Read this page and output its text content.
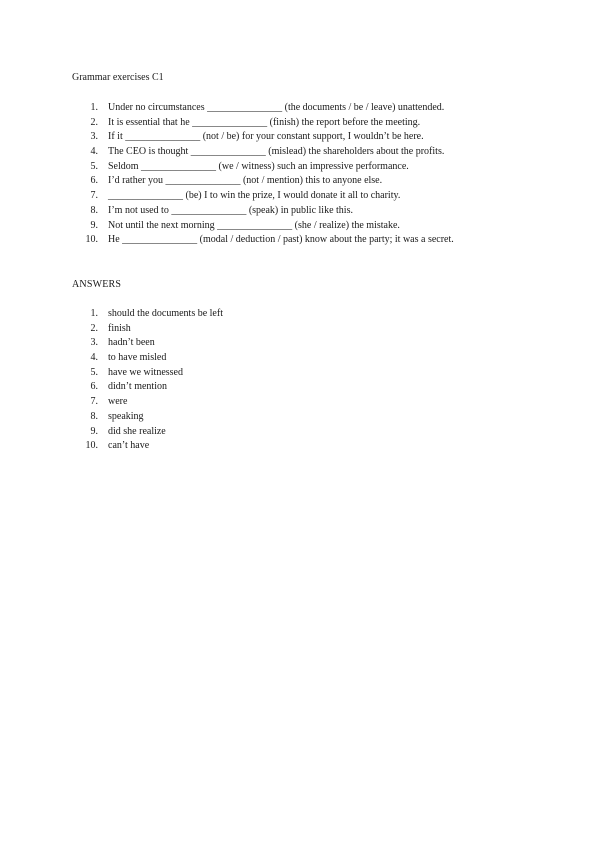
Grammar exercises C1
1. Under no circumstances _______________ (the documents / be / leave) unattended.
2. It is essential that he _______________ (finish) the report before the meeting.
3. If it _______________ (not / be) for your constant support, I wouldn’t be here.
4. The CEO is thought _______________ (mislead) the shareholders about the profits.
5. Seldom _______________ (we / witness) such an impressive performance.
6. I’d rather you _______________ (not / mention) this to anyone else.
7. _______________ (be) I to win the prize, I would donate it all to charity.
8. I’m not used to _______________ (speak) in public like this.
9. Not until the next morning _______________ (she / realize) the mistake.
10. He _______________ (modal / deduction / past) know about the party; it was a secret.
ANSWERS
1. should the documents be left
2. finish
3. hadn’t been
4. to have misled
5. have we witnessed
6. didn’t mention
7. were
8. speaking
9. did she realize
10. can’t have
